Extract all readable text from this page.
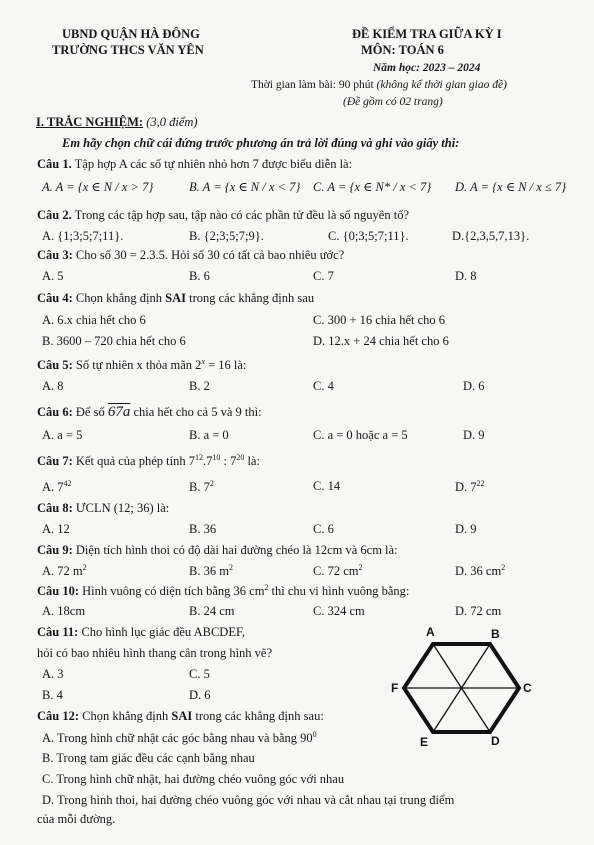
UBND QUẬN HÀ ĐÔNG
TRƯỜNG THCS VĂN YÊN
ĐỀ KIỂM TRA GIỮA KỲ I
MÔN: TOÁN 6
Năm học: 2023 – 2024
Thời gian làm bài: 90 phút (không kể thời gian giao đề)
(Đề gồm có 02 trang)
I. TRẮC NGHIỆM: (3,0 điểm)
Em hãy chọn chữ cái đứng trước phương án trả lời đúng và ghi vào giấy thi:
Câu 1. Tập hợp A các số tự nhiên nhỏ hơn 7 được biểu diễn là:
A. A = {x ∈ N / x > 7}	B. A = {x ∈ N / x < 7} C. A = {x ∈ N* / x < 7} D. A = {x ∈ N / x ≤ 7}
Câu 2. Trong các tập hợp sau, tập nào có các phần tử đều là số nguyên tố?
A. {1;3;5;7;11}.	B. {2;3;5;7;9}.	C. {0;3;5;7;11}.	D.{2,3,5,7,13}.
Câu 3: Cho số 30 = 2.3.5. Hỏi số 30 có tất cả bao nhiêu ước?
A. 5	B. 6	C. 7	D. 8
Câu 4: Chọn khẳng định SAI trong các khẳng định sau
A. 6.x chia hết cho 6
B. 3600 – 720 chia hết cho 6
C. 300 + 16 chia hết cho 6
D. 12.x + 24 chia hết cho 6
Câu 5: Số tự nhiên x thỏa mãn $2^x = 16$ là:
A. 8	B. 2	C. 4	D. 6
Câu 6: Để số 67a chia hết cho cả 5 và 9 thì:
A. a = 5	B. a = 0	C. a = 0 hoặc a = 5	D. 9
Câu 7: Kết quả của phép tính $7^{12}.7^{10}$ : $7^{20}$ là:
A. $7^{42}$	B. $7^2$	C. 14	D. $7^{22}$
Câu 8: ƯCLN (12; 36) là:
A. 12	B. 36	C. 6	D. 9
Câu 9: Diện tích hình thoi có độ dài hai đường chéo là 12cm và 6cm là:
A. 72 $m^2$	B. 36 $m^2$	C. 72 $cm^2$	D. 36 $cm^2$
Câu 10: Hình vuông có diện tích bằng 36 $cm^2$ thì chu vi hình vuông bằng:
A. 18cm	B. 24 cm	C. 324 cm	D. 72 cm
Câu 11: Cho hình lục giác đều ABCDEF,
hỏi có bao nhiêu hình thang cân trong hình vẽ?
A. 3	C. 5
B. 4	D. 6
A	B
C
D
E
F
Câu 12: Chọn khẳng định SAI trong các khẳng định sau:
A. Trong hình chữ nhật các góc bằng nhau và bằng $90^0$
B. Trong tam giác đều các cạnh bằng nhau
C. Trong hình chữ nhật, hai đường chéo vuông góc với nhau
D. Trong hình thoi, hai đường chéo vuông góc với nhau và cắt nhau tại trung điểm
của mỗi đường.
